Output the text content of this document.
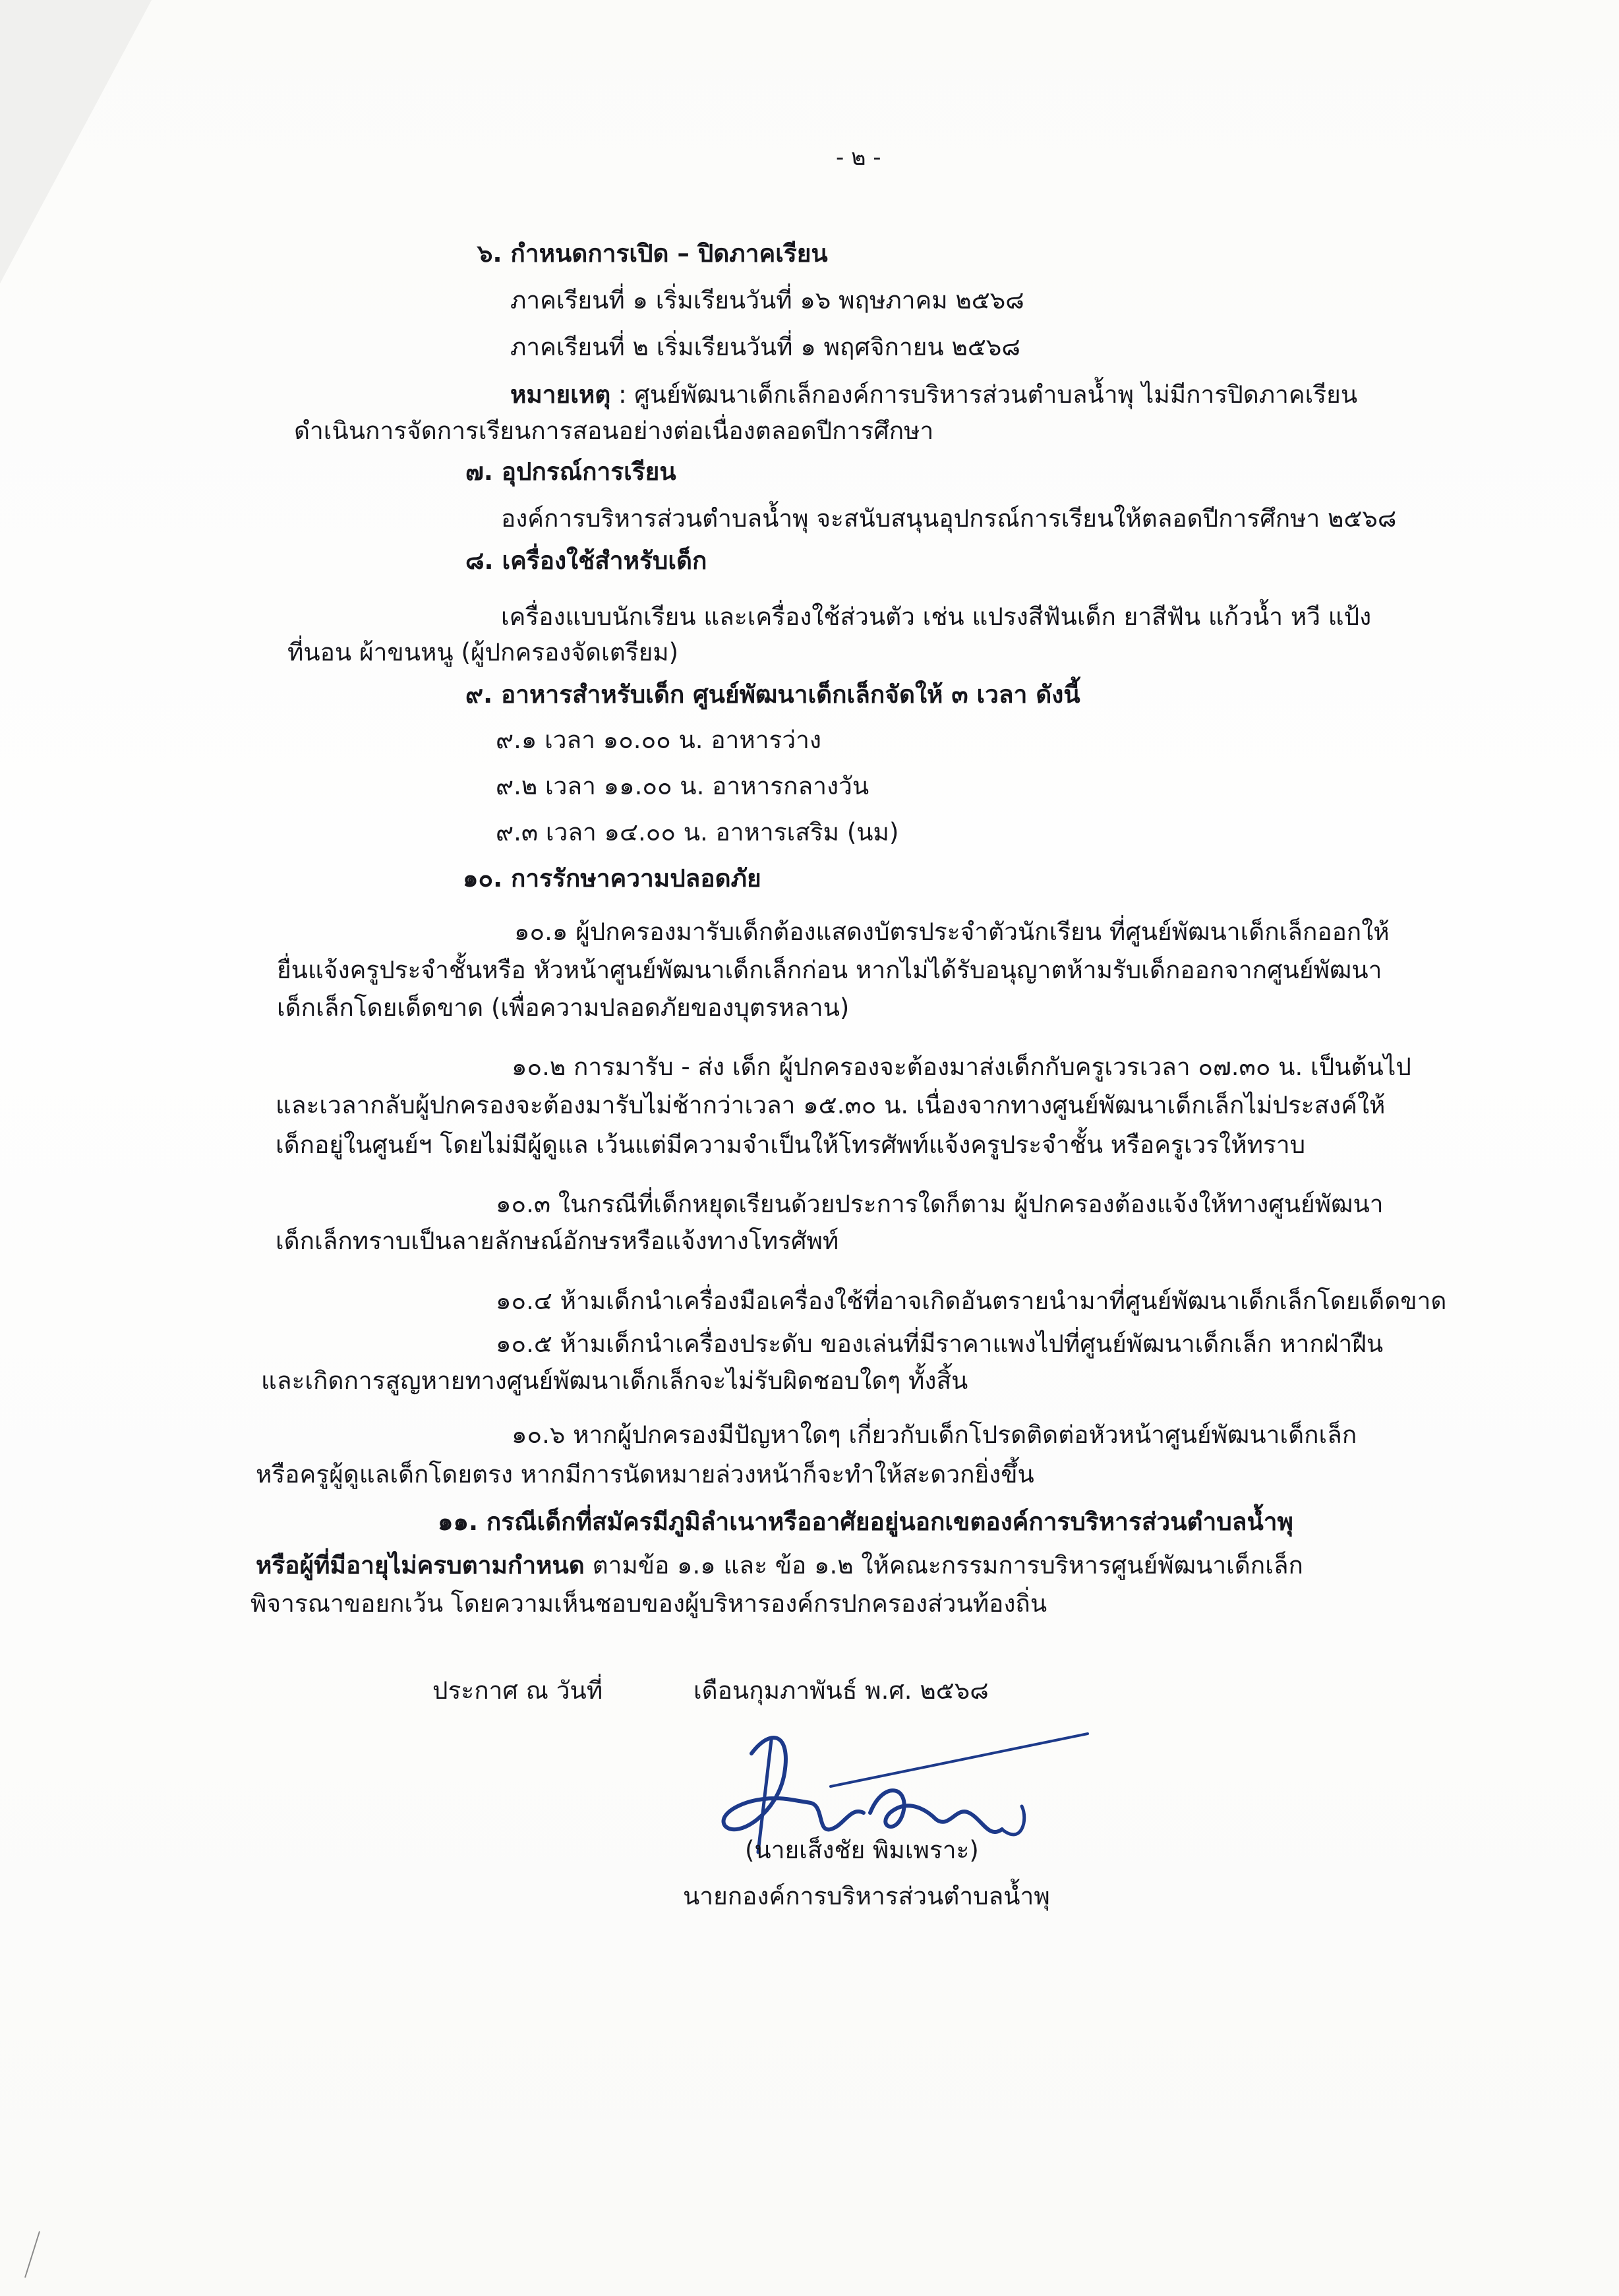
- ๒ -
๖. กำหนดการเปิด – ปิดภาคเรียน
ภาคเรียนที่ ๑ เริ่มเรียนวันที่ ๑๖ พฤษภาคม ๒๕๖๘
ภาคเรียนที่ ๒ เริ่มเรียนวันที่ ๑ พฤศจิกายน ๒๕๖๘
หมายเหตุ : ศูนย์พัฒนาเด็กเล็กองค์การบริหารส่วนตำบลน้ำพุ ไม่มีการปิดภาคเรียน
ดำเนินการจัดการเรียนการสอนอย่างต่อเนื่องตลอดปีการศึกษา
๗. อุปกรณ์การเรียน
องค์การบริหารส่วนตำบลน้ำพุ จะสนับสนุนอุปกรณ์การเรียนให้ตลอดปีการศึกษา ๒๕๖๘
๘. เครื่องใช้สำหรับเด็ก
เครื่องแบบนักเรียน และเครื่องใช้ส่วนตัว เช่น แปรงสีฟันเด็ก ยาสีฟัน แก้วน้ำ หวี แป้ง
ที่นอน ผ้าขนหนู (ผู้ปกครองจัดเตรียม)
๙. อาหารสำหรับเด็ก ศูนย์พัฒนาเด็กเล็กจัดให้ ๓ เวลา ดังนี้
๙.๑ เวลา ๑๐.๐๐ น. อาหารว่าง
๙.๒ เวลา ๑๑.๐๐ น. อาหารกลางวัน
๙.๓ เวลา ๑๔.๐๐ น. อาหารเสริม (นม)
๑๐. การรักษาความปลอดภัย
๑๐.๑ ผู้ปกครองมารับเด็กต้องแสดงบัตรประจำตัวนักเรียน ที่ศูนย์พัฒนาเด็กเล็กออกให้
ยื่นแจ้งครูประจำชั้นหรือ หัวหน้าศูนย์พัฒนาเด็กเล็กก่อน หากไม่ได้รับอนุญาตห้ามรับเด็กออกจากศูนย์พัฒนา
เด็กเล็กโดยเด็ดขาด (เพื่อความปลอดภัยของบุตรหลาน)
๑๐.๒ การมารับ - ส่ง เด็ก ผู้ปกครองจะต้องมาส่งเด็กกับครูเวรเวลา ๐๗.๓๐ น. เป็นต้นไป
และเวลากลับผู้ปกครองจะต้องมารับไม่ช้ากว่าเวลา ๑๕.๓๐ น. เนื่องจากทางศูนย์พัฒนาเด็กเล็กไม่ประสงค์ให้
เด็กอยู่ในศูนย์ฯ โดยไม่มีผู้ดูแล เว้นแต่มีความจำเป็นให้โทรศัพท์แจ้งครูประจำชั้น หรือครูเวรให้ทราบ
๑๐.๓ ในกรณีที่เด็กหยุดเรียนด้วยประการใดก็ตาม ผู้ปกครองต้องแจ้งให้ทางศูนย์พัฒนา
เด็กเล็กทราบเป็นลายลักษณ์อักษรหรือแจ้งทางโทรศัพท์
๑๐.๔ ห้ามเด็กนำเครื่องมือเครื่องใช้ที่อาจเกิดอันตรายนำมาที่ศูนย์พัฒนาเด็กเล็กโดยเด็ดขาด
๑๐.๕ ห้ามเด็กนำเครื่องประดับ ของเล่นที่มีราคาแพงไปที่ศูนย์พัฒนาเด็กเล็ก หากฝ่าฝืน
และเกิดการสูญหายทางศูนย์พัฒนาเด็กเล็กจะไม่รับผิดชอบใดๆ ทั้งสิ้น
๑๐.๖ หากผู้ปกครองมีปัญหาใดๆ เกี่ยวกับเด็กโปรดติดต่อหัวหน้าศูนย์พัฒนาเด็กเล็ก
หรือครูผู้ดูแลเด็กโดยตรง หากมีการนัดหมายล่วงหน้าก็จะทำให้สะดวกยิ่งขึ้น
๑๑. กรณีเด็กที่สมัครมีภูมิลำเนาหรืออาศัยอยู่นอกเขตองค์การบริหารส่วนตำบลน้ำพุ
หรือผู้ที่มีอายุไม่ครบตามกำหนด ตามข้อ ๑.๑ และ ข้อ ๑.๒ ให้คณะกรรมการบริหารศูนย์พัฒนาเด็กเล็ก
พิจารณาขอยกเว้น โดยความเห็นชอบของผู้บริหารองค์กรปกครองส่วนท้องถิ่น
ประกาศ ณ วันที่	เดือนกุมภาพันธ์ พ.ศ. ๒๕๖๘
(นายเส็งชัย พิมเพราะ)
นายกองค์การบริหารส่วนตำบลน้ำพุ
